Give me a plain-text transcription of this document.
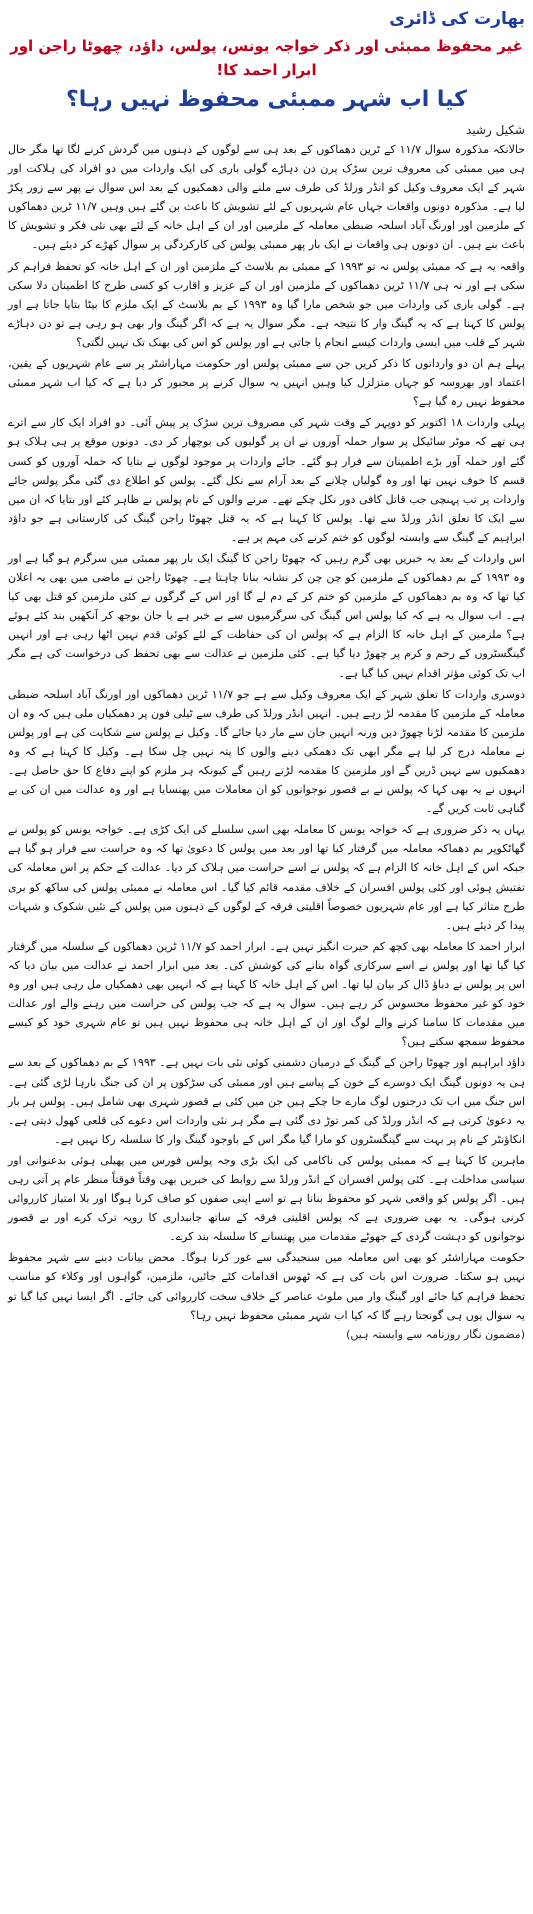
بھارت کی ڈائری
غیر محفوظ ممبئی اور ذکر خواجہ یونس، پولس، داؤد، چھوٹا راجن اور ابرار احمد کا!
کیا اب شہر ممبئی محفوظ نہیں رہا؟
شکیل رشید

حالانکہ مذکورہ سوال ۱۱/۷ کے ٹرین دھماکوں کے بعد ہی سے لوگوں کے ذہنوں میں گردش کرنے لگا تھا مگر حال ہی میں ممبئی کی معروف ترین سڑک پرن دن دہاڑے گولی باری کی ایک واردات میں دو افراد کی ہلاکت اور شہر کے ایک معروف وکیل کو انڈر ورلڈ کی طرف سے ملنے والی دھمکیوں کے بعد اس سوال نے پھر سے زور پکڑ لیا ہے۔ مذکورہ دونوں واقعات جہاں عام شہریوں کے لئے تشویش کا باعث بن گئے ہیں وہیں ۱۱/۷ ٹرین دھماکوں کے ملزمین اور اورنگ آباد اسلحہ ضبطی معاملہ کے ملزمین اور ان کے اہل خانہ کے لئے بھی نئی فکر و تشویش کا باعث بنے ہیں۔ ان دونوں ہی واقعات نے ایک بار پھر ممبئی پولس کی کارکردگی پر سوال کھڑے کر دیئے ہیں۔

واقعہ یہ ہے کہ ممبئی پولس نہ تو ۱۹۹۳ کے ممبئی بم بلاسٹ کے ملزمین اور ان کے اہل خانہ کو تحفظ فراہم کر سکی ہے اور نہ ہی ۱۱/۷ ٹرین دھماکوں کے ملزمین اور ان کے عزیز و اقارب کو کسی طرح کا اطمینان دلا سکی ہے۔ گولی باری کی واردات میں جو شخص مارا گیا وہ ۱۹۹۳ کے بم بلاسٹ کے ایک ملزم کا بیٹا بتایا جاتا ہے اور پولس کا کہنا ہے کہ یہ گینگ وار کا نتیجہ ہے۔ مگر سوال یہ ہے کہ اگر گینگ وار بھی ہو رہی ہے تو دن دہاڑے شہر کے قلب میں ایسی واردات کیسے انجام پا جاتی ہے اور پولس کو اس کی بھنک تک نہیں لگتی؟

پہلے ہم ان دو وارداتوں کا ذکر کریں جن سے ممبئی پولس اور حکومت مہاراشٹر پر سے عام شہریوں کے یقین، اعتماد اور بھروسہ کو جہاں متزلزل کیا وہیں انہیں یہ سوال کرنے پر مجبور کر دیا ہے کہ کیا اب شہر ممبئی محفوظ نہیں رہ گیا ہے؟

پہلی واردات ۱۸ اکتوبر کو دوپہر کے وقت شہر کی مصروف ترین سڑک پر پیش آئی۔ دو افراد ایک کار سے اترے ہی تھے کہ موٹر سائیکل پر سوار حملہ آوروں نے ان پر گولیوں کی بوچھار کر دی۔ دونوں موقع پر ہی ہلاک ہو گئے اور حملہ آور بڑے اطمینان سے فرار ہو گئے۔ جائے واردات پر موجود لوگوں نے بتایا کہ حملہ آوروں کو کسی قسم کا خوف نہیں تھا اور وہ گولیاں چلانے کے بعد آرام سے نکل گئے۔ پولس کو اطلاع دی گئی مگر پولس جائے واردات پر تب پہنچی جب قاتل کافی دور نکل چکے تھے۔ مرنے والوں کے نام پولس نے ظاہر کئے اور بتایا کہ ان میں سے ایک کا تعلق انڈر ورلڈ سے تھا۔ پولس کا کہنا ہے کہ یہ قتل چھوٹا راجن گینگ کی کارستانی ہے جو داؤد ابراہیم کے گینگ سے وابستہ لوگوں کو ختم کرنے کی مہم پر ہے۔

اس واردات کے بعد یہ خبریں بھی گرم رہیں کہ چھوٹا راجن کا گینگ ایک بار پھر ممبئی میں سرگرم ہو گیا ہے اور وہ ۱۹۹۳ کے بم دھماکوں کے ملزمین کو چن چن کر نشانہ بنانا چاہتا ہے۔ چھوٹا راجن نے ماضی میں بھی یہ اعلان کیا تھا کہ وہ بم دھماکوں کے ملزمین کو ختم کر کے دم لے گا اور اس کے گرگوں نے کئی ملزمین کو قتل بھی کیا ہے۔ اب سوال یہ ہے کہ کیا پولس اس گینگ کی سرگرمیوں سے بے خبر ہے یا جان بوجھ کر آنکھیں بند کئے ہوئے ہے؟ ملزمین کے اہل خانہ کا الزام ہے کہ پولس ان کی حفاظت کے لئے کوئی قدم نہیں اٹھا رہی ہے اور انہیں گینگسٹروں کے رحم و کرم پر چھوڑ دیا گیا ہے۔ کئی ملزمین نے عدالت سے بھی تحفظ کی درخواست کی ہے مگر اب تک کوئی مؤثر اقدام نہیں کیا گیا ہے۔

دوسری واردات کا تعلق شہر کے ایک معروف وکیل سے ہے جو ۱۱/۷ ٹرین دھماکوں اور اورنگ آباد اسلحہ ضبطی معاملہ کے ملزمین کا مقدمہ لڑ رہے ہیں۔ انہیں انڈر ورلڈ کی طرف سے ٹیلی فون پر دھمکیاں ملی ہیں کہ وہ ان ملزمین کا مقدمہ لڑنا چھوڑ دیں ورنہ انہیں جان سے مار دیا جائے گا۔ وکیل نے پولس سے شکایت کی ہے اور پولس نے معاملہ درج کر لیا ہے مگر ابھی تک دھمکی دینے والوں کا پتہ نہیں چل سکا ہے۔ وکیل کا کہنا ہے کہ وہ دھمکیوں سے نہیں ڈریں گے اور ملزمین کا مقدمہ لڑتے رہیں گے کیونکہ ہر ملزم کو اپنے دفاع کا حق حاصل ہے۔ انہوں نے یہ بھی کہا کہ پولس نے بے قصور نوجوانوں کو ان معاملات میں پھنسایا ہے اور وہ عدالت میں ان کی بے گناہی ثابت کریں گے۔

یہاں یہ ذکر ضروری ہے کہ خواجہ یونس کا معاملہ بھی اسی سلسلے کی ایک کڑی ہے۔ خواجہ یونس کو پولس نے گھاٹکوپر بم دھماکہ معاملہ میں گرفتار کیا تھا اور بعد میں پولس کا دعویٰ تھا کہ وہ حراست سے فرار ہو گیا ہے جبکہ اس کے اہل خانہ کا الزام ہے کہ پولس نے اسے حراست میں ہلاک کر دیا۔ عدالت کے حکم پر اس معاملہ کی تفتیش ہوئی اور کئی پولس افسران کے خلاف مقدمہ قائم کیا گیا۔ اس معاملہ نے ممبئی پولس کی ساکھ کو بری طرح متاثر کیا ہے اور عام شہریوں خصوصاً اقلیتی فرقہ کے لوگوں کے ذہنوں میں پولس کے تئیں شکوک و شبہات پیدا کر دیئے ہیں۔

ابرار احمد کا معاملہ بھی کچھ کم حیرت انگیز نہیں ہے۔ ابرار احمد کو ۱۱/۷ ٹرین دھماکوں کے سلسلہ میں گرفتار کیا گیا تھا اور پولس نے اسے سرکاری گواہ بنانے کی کوشش کی۔ بعد میں ابرار احمد نے عدالت میں بیان دیا کہ اس پر پولس نے دباؤ ڈال کر بیان لیا تھا۔ اس کے اہل خانہ کا کہنا ہے کہ انہیں بھی دھمکیاں مل رہی ہیں اور وہ خود کو غیر محفوظ محسوس کر رہے ہیں۔ سوال یہ ہے کہ جب پولس کی حراست میں رہنے والے اور عدالت میں مقدمات کا سامنا کرنے والے لوگ اور ان کے اہل خانہ ہی محفوظ نہیں ہیں تو عام شہری خود کو کیسے محفوظ سمجھ سکتے ہیں؟

داؤد ابراہیم اور چھوٹا راجن کے گینگ کے درمیان دشمنی کوئی نئی بات نہیں ہے۔ ۱۹۹۳ کے بم دھماکوں کے بعد سے ہی یہ دونوں گینگ ایک دوسرے کے خون کے پیاسے ہیں اور ممبئی کی سڑکوں پر ان کی جنگ بارہا لڑی گئی ہے۔ اس جنگ میں اب تک درجنوں لوگ مارے جا چکے ہیں جن میں کئی بے قصور شہری بھی شامل ہیں۔ پولس ہر بار یہ دعویٰ کرتی ہے کہ انڈر ورلڈ کی کمر توڑ دی گئی ہے مگر ہر نئی واردات اس دعوے کی قلعی کھول دیتی ہے۔ انکاؤنٹر کے نام پر بہت سے گینگسٹروں کو مارا گیا مگر اس کے باوجود گینگ وار کا سلسلہ رکا نہیں ہے۔

ماہرین کا کہنا ہے کہ ممبئی پولس کی ناکامی کی ایک بڑی وجہ پولس فورس میں پھیلی ہوئی بدعنوانی اور سیاسی مداخلت ہے۔ کئی پولس افسران کے انڈر ورلڈ سے روابط کی خبریں بھی وقتاً فوقتاً منظر عام پر آتی رہی ہیں۔ اگر پولس کو واقعی شہر کو محفوظ بنانا ہے تو اسے اپنی صفوں کو صاف کرنا ہوگا اور بلا امتیاز کارروائی کرنی ہوگی۔ یہ بھی ضروری ہے کہ پولس اقلیتی فرقہ کے ساتھ جانبداری کا رویہ ترک کرے اور بے قصور نوجوانوں کو دہشت گردی کے جھوٹے مقدمات میں پھنسانے کا سلسلہ بند کرے۔

حکومت مہاراشٹر کو بھی اس معاملہ میں سنجیدگی سے غور کرنا ہوگا۔ محض بیانات دینے سے شہر محفوظ نہیں ہو سکتا۔ ضرورت اس بات کی ہے کہ ٹھوس اقدامات کئے جائیں، ملزمین، گواہوں اور وکلاء کو مناسب تحفظ فراہم کیا جائے اور گینگ وار میں ملوث عناصر کے خلاف سخت کارروائی کی جائے۔ اگر ایسا نہیں کیا گیا تو یہ سوال یوں ہی گونجتا رہے گا کہ کیا اب شہر ممبئی محفوظ نہیں رہا؟

(مضمون نگار روزنامہ سے وابستہ ہیں)
